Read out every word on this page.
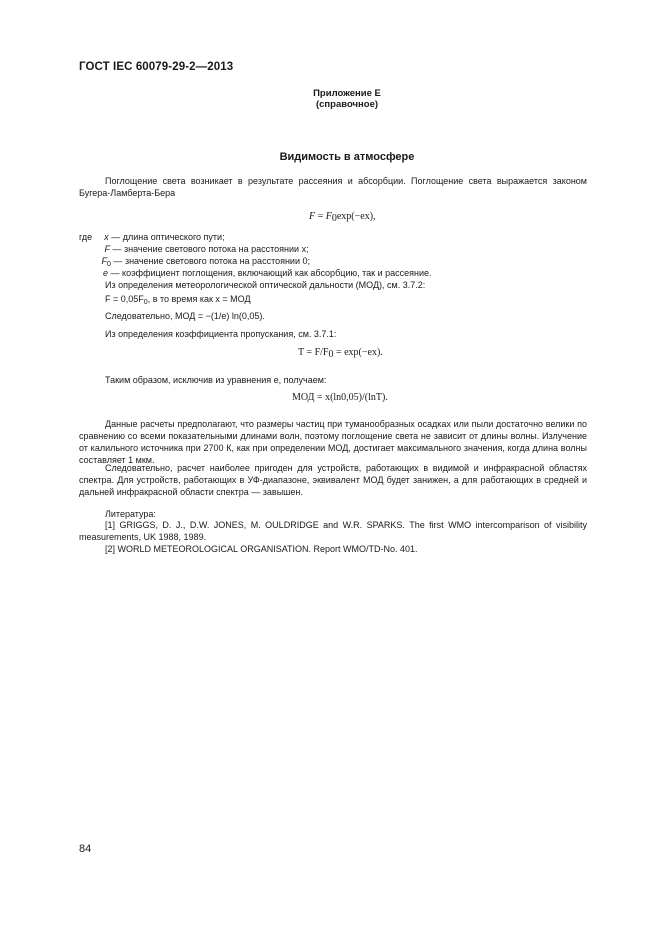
ГОСТ IEC 60079-29-2—2013
Приложение Е
(справочное)
Видимость в атмосфере
Поглощение света возникает в результате рассеяния и абсорбции. Поглощение света выражается законом Бугера-Ламберта-Бера
$F = F_0\exp(-ex)$,
где x — длина оптического пути;
F — значение светового потока на расстоянии x;
$F_0$ — значение светового потока на расстоянии 0;
e — коэффициент поглощения, включающий как абсорбцию, так и рассеяние.
Из определения метеорологической оптической дальности (МОД), см. 3.7.2:
$F = 0,05F_0$, в то время как x = МОД
Следовательно, МОД = −(1/e) ln(0,05).
Из определения коэффициента пропускания, см. 3.7.1:
$T = F/F_0 = \exp(-ex)$.
Таким образом, исключив из уравнения e, получаем:
МОД = x(ln0,05)/(lnT).
Данные расчеты предполагают, что размеры частиц при туманообразных осадках или пыли достаточно велики по сравнению со всеми показательными длинами волн, поэтому поглощение света не зависит от длины волны. Излучение от калильного источника при 2700 К, как при определении МОД, достигает максимального значения, когда длина волны составляет 1 мкм.
Следовательно, расчет наиболее пригоден для устройств, работающих в видимой и инфракрасной областях спектра. Для устройств, работающих в УФ-диапазоне, эквивалент МОД будет занижен, а для работающих в средней и дальней инфракрасной области спектра — завышен.
Литература:
[1] GRIGGS, D. J., D.W. JONES, M. OULDRIDGE and W.R. SPARKS. The first WMO intercomparison of visibility measurements, UK 1988, 1989.
[2] WORLD METEOROLOGICAL ORGANISATION. Report WMO/TD-No. 401.
84
